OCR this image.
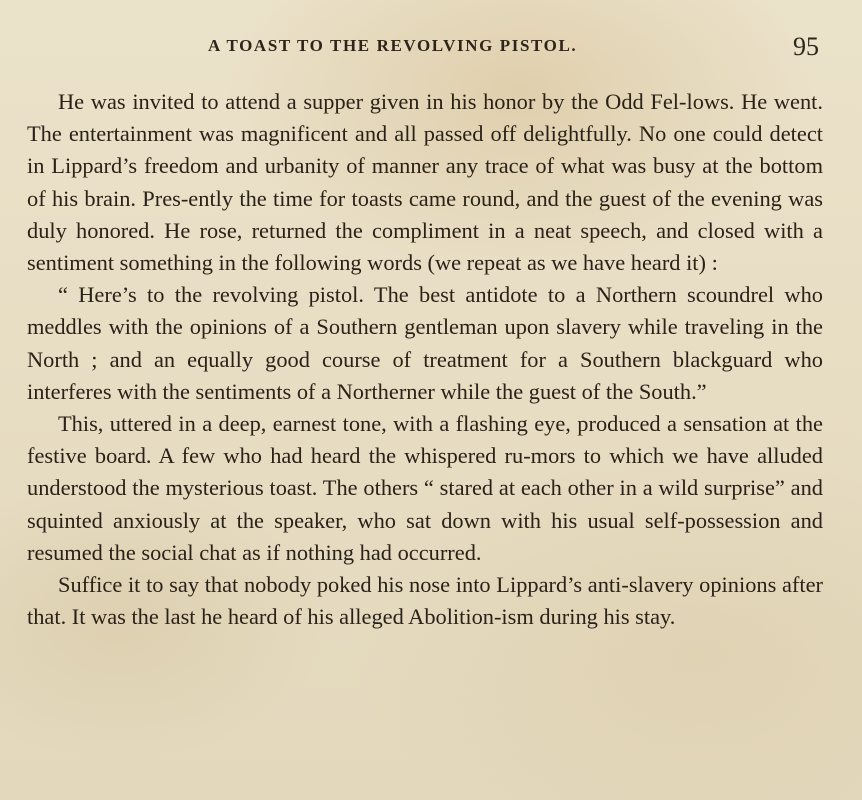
A TOAST TO THE REVOLVING PISTOL.	95

He was invited to attend a supper given in his honor by the Odd Fel-lows. He went. The entertainment was magnificent and all passed off delightfully. No one could detect in Lippard’s freedom and urbanity of manner any trace of what was busy at the bottom of his brain. Pres-ently the time for toasts came round, and the guest of the evening was duly honored. He rose, returned the compliment in a neat speech, and closed with a sentiment something in the following words (we repeat as we have heard it) :

“ Here’s to the revolving pistol. The best antidote to a Northern scoundrel who meddles with the opinions of a Southern gentleman upon slavery while traveling in the North ; and an equally good course of treatment for a Southern blackguard who interferes with the sentiments of a Northerner while the guest of the South.”

This, uttered in a deep, earnest tone, with a flashing eye, produced a sensation at the festive board. A few who had heard the whispered ru-mors to which we have alluded understood the mysterious toast. The others “ stared at each other in a wild surprise” and squinted anxiously at the speaker, who sat down with his usual self-possession and resumed the social chat as if nothing had occurred.

Suffice it to say that nobody poked his nose into Lippard’s anti-slavery opinions after that. It was the last he heard of his alleged Abolition-ism during his stay.
